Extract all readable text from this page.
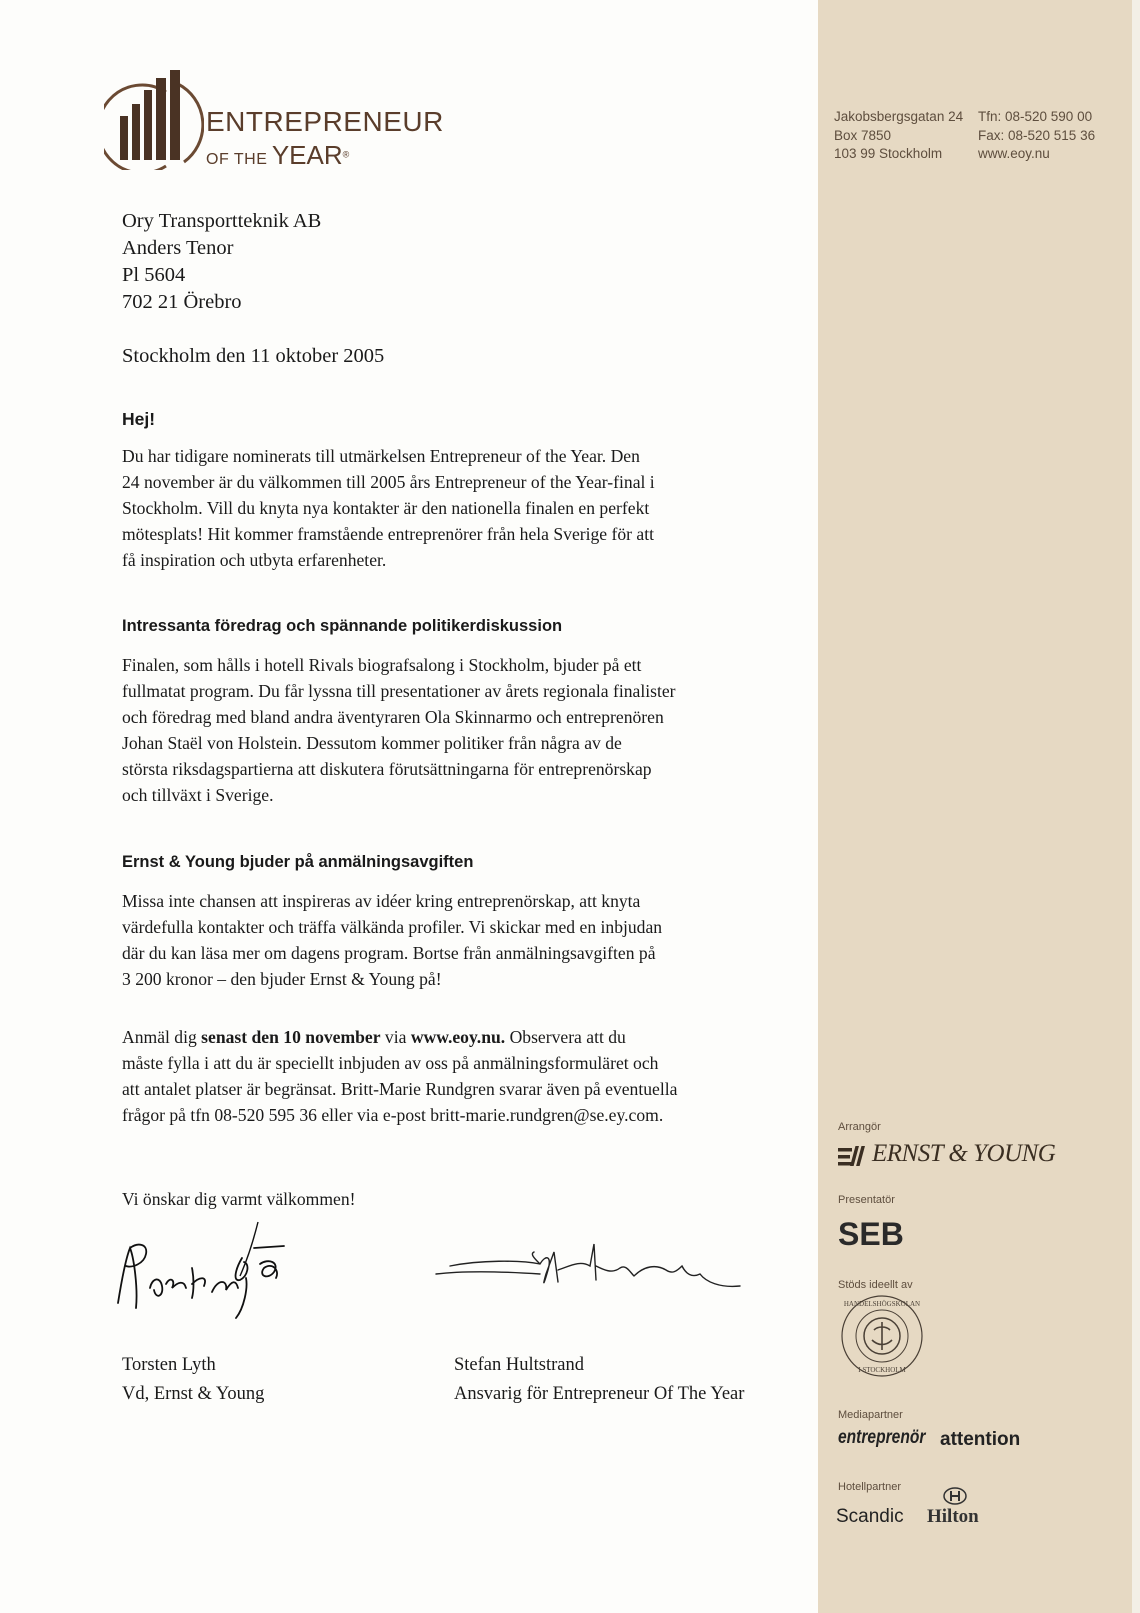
ENTREPRENEUR
OF THE YEAR®
Jakobsbergsgatan 24
Box 7850
103 99 Stockholm
Tfn: 08-520 590 00
Fax: 08-520 515 36
www.eoy.nu
Ory Transportteknik AB
Anders Tenor
Pl 5604
702 21 Örebro
Stockholm den 11 oktober 2005
Hej!
Du har tidigare nominerats till utmärkelsen Entrepreneur of the Year. Den
24 november är du välkommen till 2005 års Entrepreneur of the Year-final i
Stockholm. Vill du knyta nya kontakter är den nationella finalen en perfekt
mötesplats! Hit kommer framstående entreprenörer från hela Sverige för att
få inspiration och utbyta erfarenheter.
Intressanta föredrag och spännande politikerdiskussion
Finalen, som hålls i hotell Rivals biografsalong i Stockholm, bjuder på ett
fullmatat program. Du får lyssna till presentationer av årets regionala finalister
och föredrag med bland andra äventyraren Ola Skinnarmo och entreprenören
Johan Staël von Holstein. Dessutom kommer politiker från några av de
största riksdagspartierna att diskutera förutsättningarna för entreprenörskap
och tillväxt i Sverige.
Ernst & Young bjuder på anmälningsavgiften
Missa inte chansen att inspireras av idéer kring entreprenörskap, att knyta
värdefulla kontakter och träffa välkända profiler. Vi skickar med en inbjudan
där du kan läsa mer om dagens program. Bortse från anmälningsavgiften på
3 200 kronor – den bjuder Ernst & Young på!
Anmäl dig senast den 10 november via www.eoy.nu. Observera att du
måste fylla i att du är speciellt inbjuden av oss på anmälningsformuläret och
att antalet platser är begränsat. Britt-Marie Rundgren svarar även på eventuella
frågor på tfn 08-520 595 36 eller via e-post britt-marie.rundgren@se.ey.com.
Vi önskar dig varmt välkommen!
Torsten Lyth
Vd, Ernst & Young
Stefan Hultstrand
Ansvarig för Entrepreneur Of The Year
Arrangör
ERNST & YOUNG
Presentatör
SEB
Stöds ideellt av
HANDELSHÖGSKOLAN
I STOCKHOLM
Mediapartner
entreprenör attention
Hotellpartner
Scandic Hilton
